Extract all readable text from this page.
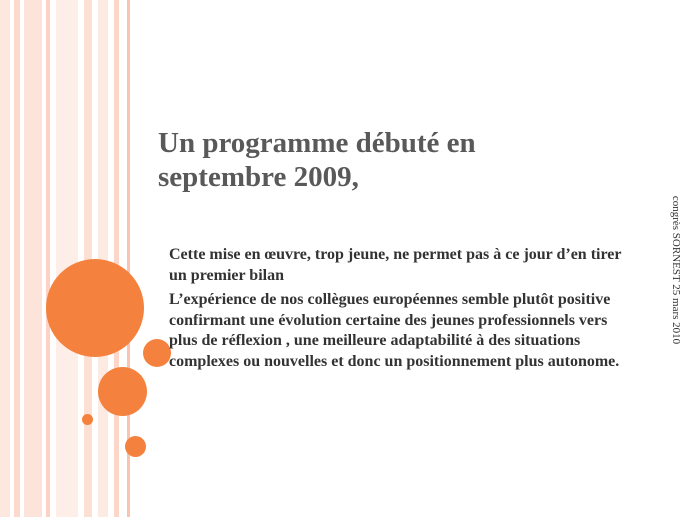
Un programme débuté en
septembre 2009,

Cette mise en œuvre, trop jeune, ne permet pas à ce jour d’en tirer un premier bilan

L’expérience de nos collègues européennes semble plutôt positive confirmant une évolution certaine des jeunes professionnels vers plus de réflexion , une meilleure adaptabilité à des situations complexes ou nouvelles et donc un positionnement plus autonome.

congrès SORNEST 25 mars 2010
